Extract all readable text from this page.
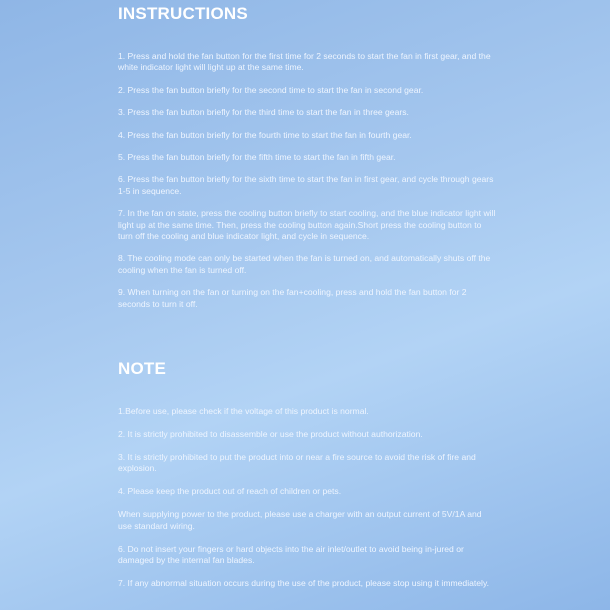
INSTRUCTIONS
1. Press and hold the fan button for the first time for 2 seconds to start the fan in first gear, and the white indicator light will light up at the same time.
2. Press the fan button briefly for the second time to start the fan in second gear.
3. Press the fan button briefly for the third time to start the fan in three gears.
4. Press the fan button briefly for the fourth time to start the fan in fourth gear.
5. Press the fan button briefly for the fifth time to start the fan in fifth gear.
6. Press the fan button briefly for the sixth time to start the fan in first gear, and cycle through gears 1-5 in sequence.
7. In the fan on state, press the cooling button briefly to start cooling, and the blue indicator light will light up at the same time. Then, press the cooling button again.Short press the cooling button to turn off the cooling and blue indicator light, and cycle in sequence.
8. The cooling mode can only be started when the fan is turned on, and automatically shuts off the cooling when the fan is turned off.
9. When turning on the fan or turning on the fan+cooling, press and hold the fan button for 2 seconds to turn it off.
NOTE
1.Before use, please check if the voltage of this product is normal.
2. It is strictly prohibited to disassemble or use the product without authorization.
3. It is strictly prohibited to put the product into or near a fire source to avoid the risk of fire and explosion.
4. Please keep the product out of reach of children or pets.
When supplying power to the product, please use a charger with an output current of 5V/1A and use standard wiring.
6. Do not insert your fingers or hard objects into the air inlet/outlet to avoid being in-jured or damaged by the internal fan blades.
7. If any abnormal situation occurs during the use of the product, please stop using it immediately.
